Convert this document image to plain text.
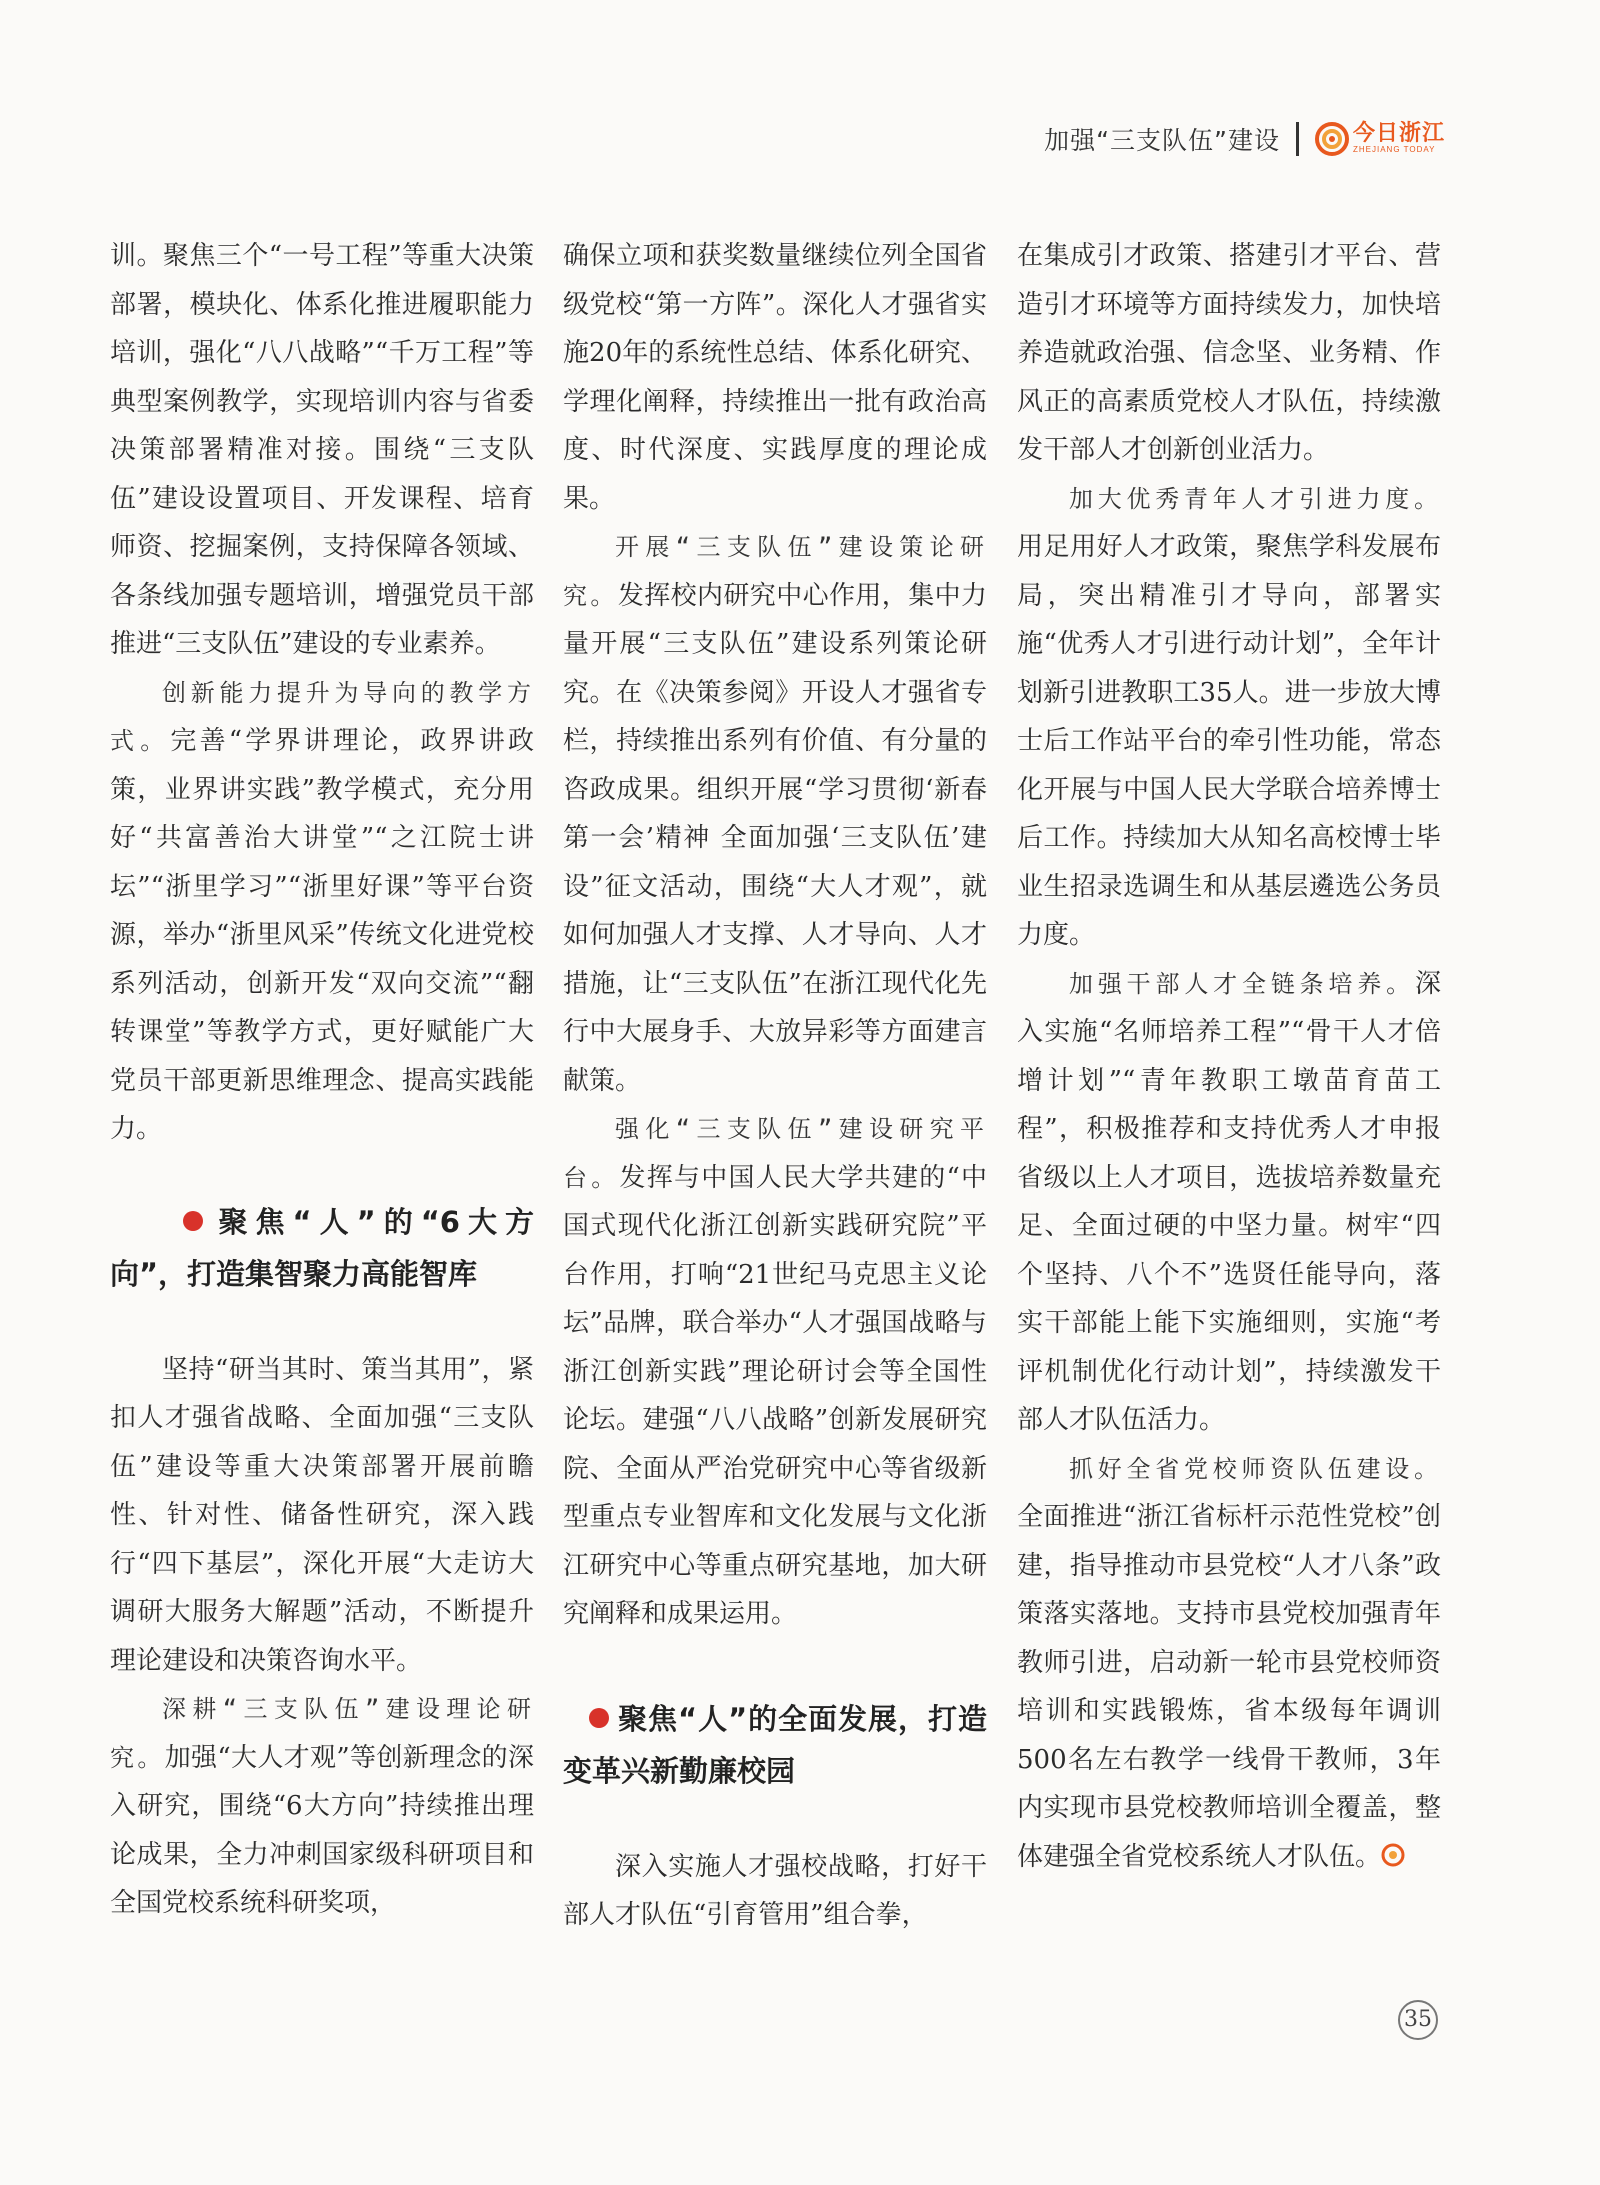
加强“三支队伍”建设	今日浙江
ZHEJIANG TODAY

训。聚焦三个“一号工程”等重大决策部署，模块化、体系化推进履职能力培训，强化“八八战略”“千万工程”等典型案例教学，实现培训内容与省委决策部署精准对接。围绕“三支队伍”建设设置项目、开发课程、培育师资、挖掘案例，支持保障各领域、各条线加强专题培训，增强党员干部推进“三支队伍”建设的专业素养。

创新能力提升为导向的教学方式。完善“学界讲理论，政界讲政策，业界讲实践”教学模式，充分用好“共富善治大讲堂”“之江院士讲坛”“浙里学习”“浙里好课”等平台资源，举办“浙里风采”传统文化进党校系列活动，创新开发“双向交流”“翻转课堂”等教学方式，更好赋能广大党员干部更新思维理念、提高实践能力。

聚焦“人”的“6大方向”，打造集智聚力高能智库

坚持“研当其时、策当其用”，紧扣人才强省战略、全面加强“三支队伍”建设等重大决策部署开展前瞻性、针对性、储备性研究，深入践行“四下基层”，深化开展“大走访大调研大服务大解题”活动，不断提升理论建设和决策咨询水平。

深耕“三支队伍”建设理论研究。加强“大人才观”等创新理念的深入研究，围绕“6大方向”持续推出理论成果，全力冲刺国家级科研项目和全国党校系统科研奖项，

确保立项和获奖数量继续位列全国省级党校“第一方阵”。深化人才强省实施20年的系统性总结、体系化研究、学理化阐释，持续推出一批有政治高度、时代深度、实践厚度的理论成果。

开展“三支队伍”建设策论研究。发挥校内研究中心作用，集中力量开展“三支队伍”建设系列策论研究。在《决策参阅》开设人才强省专栏，持续推出系列有价值、有分量的咨政成果。组织开展“学习贯彻‘新春第一会’精神 全面加强‘三支队伍’建设”征文活动，围绕“大人才观”，就如何加强人才支撑、人才导向、人才措施，让“三支队伍”在浙江现代化先行中大展身手、大放异彩等方面建言献策。

强化“三支队伍”建设研究平台。发挥与中国人民大学共建的“中国式现代化浙江创新实践研究院”平台作用，打响“21世纪马克思主义论坛”品牌，联合举办“人才强国战略与浙江创新实践”理论研讨会等全国性论坛。建强“八八战略”创新发展研究院、全面从严治党研究中心等省级新型重点专业智库和文化发展与文化浙江研究中心等重点研究基地，加大研究阐释和成果运用。

聚焦“人”的全面发展，打造变革兴新勤廉校园

深入实施人才强校战略，打好干部人才队伍“引育管用”组合拳，

在集成引才政策、搭建引才平台、营造引才环境等方面持续发力，加快培养造就政治强、信念坚、业务精、作风正的高素质党校人才队伍，持续激发干部人才创新创业活力。

加大优秀青年人才引进力度。用足用好人才政策，聚焦学科发展布局，突出精准引才导向，部署实施“优秀人才引进行动计划”，全年计划新引进教职工35人。进一步放大博士后工作站平台的牵引性功能，常态化开展与中国人民大学联合培养博士后工作。持续加大从知名高校博士毕业生招录选调生和从基层遴选公务员力度。

加强干部人才全链条培养。深入实施“名师培养工程”“骨干人才倍增计划”“青年教职工墩苗育苗工程”，积极推荐和支持优秀人才申报省级以上人才项目，选拔培养数量充足、全面过硬的中坚力量。树牢“四个坚持、八个不”选贤任能导向，落实干部能上能下实施细则，实施“考评机制优化行动计划”，持续激发干部人才队伍活力。

抓好全省党校师资队伍建设。全面推进“浙江省标杆示范性党校”创建，指导推动市县党校“人才八条”政策落实落地。支持市县党校加强青年教师引进，启动新一轮市县党校师资培训和实践锻炼，省本级每年调训500名左右教学一线骨干教师，3年内实现市县党校教师培训全覆盖，整体建强全省党校系统人才队伍。

35
